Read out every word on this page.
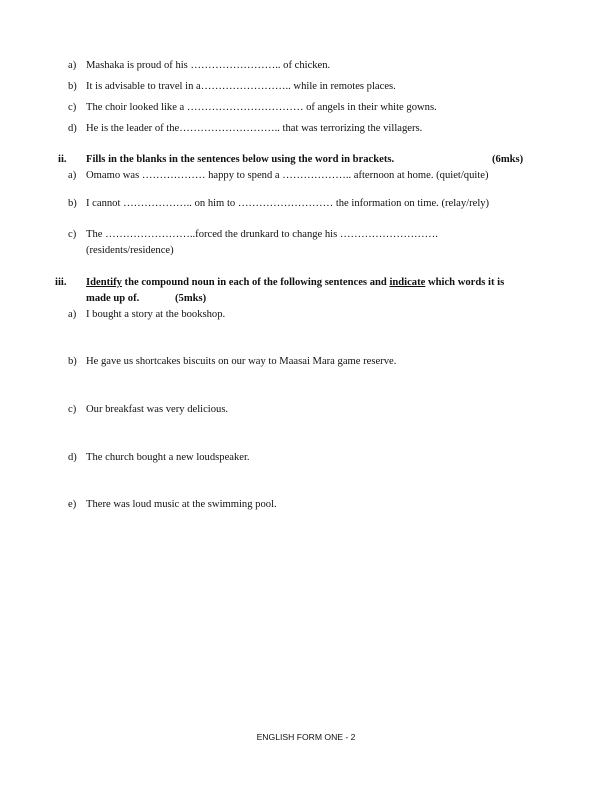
a) Mashaka is proud of his …………………….. of chicken.
b) It is advisable to travel in a…………………….. while in remotes places.
c) The choir looked like a …………………………… of angels in their white gowns.
d) He is the leader of the……………………….. that was terrorizing the villagers.
ii. Fills in the blanks in the sentences below using the word in brackets.	(6mks)
a) Omamo was ……………… happy to spend a ……………….. afternoon at home. (quiet/quite)
b) I cannot ……………….. on him to ……………………… the information on time. (relay/rely)
c) The ……………………..forced the drunkard to change his ……………………….
(residents/residence)
iii. Identify the compound noun in each of the following sentences and indicate which words it is
made up of.	(5mks)
a) I bought a story at the bookshop.
b) He gave us shortcakes biscuits on our way to Maasai Mara game reserve.
c) Our breakfast was very delicious.
d) The church bought a new loudspeaker.
e) There was loud music at the swimming pool.
ENGLISH FORM ONE - 2
